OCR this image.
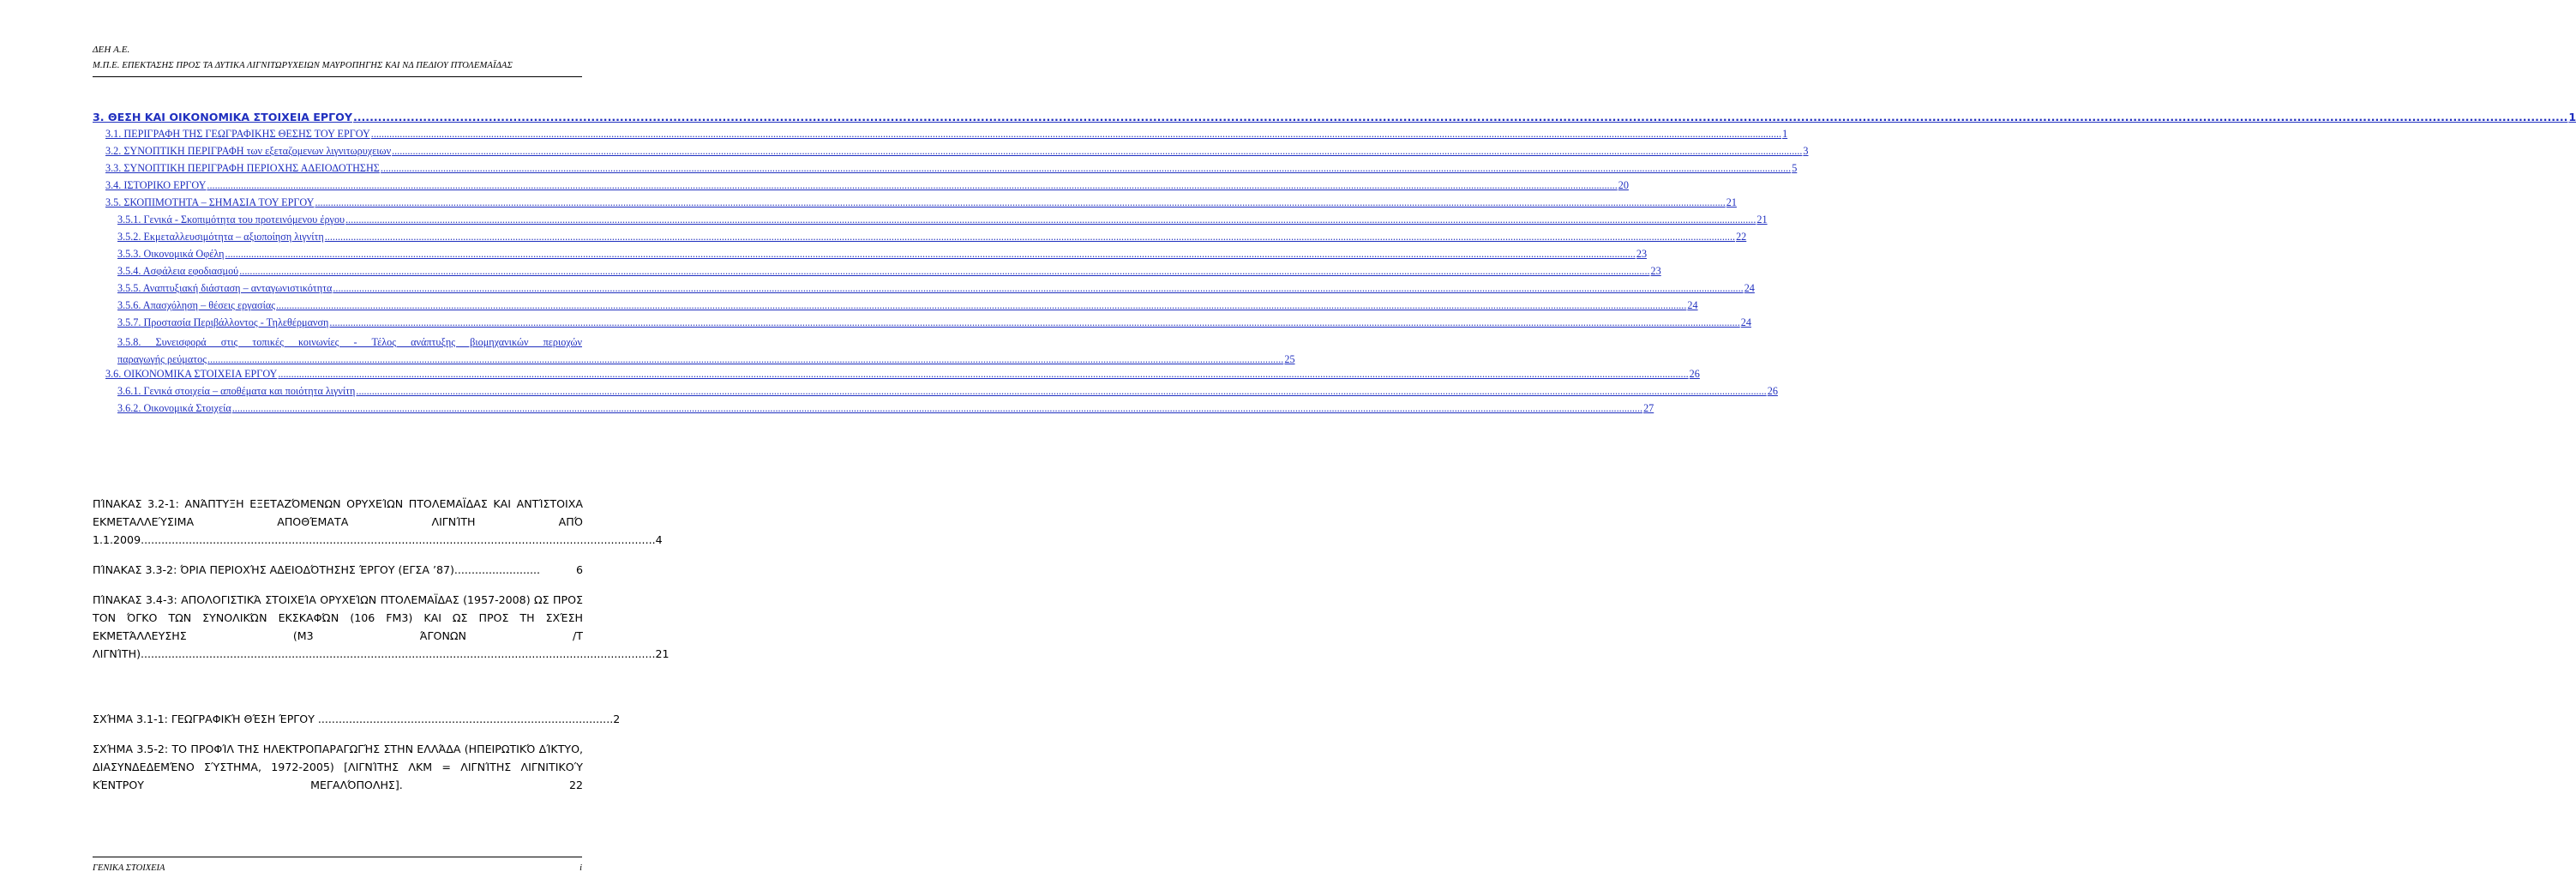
ΔΕΗ Α.Ε.
Μ.Π.Ε. ΕΠΕΚΤΑΣΗΣ ΠΡΟΣ ΤΑ ΔΥΤΙΚΑ ΛΙΓΝΙΤΩΡΥΧΕΙΩΝ ΜΑΥΡΟΠΗΓΗΣ ΚΑΙ ΝΔ ΠΕΔΙΟΥ ΠΤΟΛΕΜΑΪΔΑΣ
3. ΘΕΣΗ ΚΑΙ ΟΙΚΟΝΟΜΙΚΑ ΣΤΟΙΧΕΙΑ ΕΡΓΟΥ .....	1
3.1. ΠΕΡΙΓΡΑΦΗ ΤΗΣ ΓΕΩΓΡΑΦΙΚΗΣ ΘΕΣΗΣ ΤΟΥ ΕΡΓΟΥ .....	1
3.2. ΣΥΝΟΠΤΙΚΗ ΠΕΡΙΓΡΑΦΗ των εξεταζομενων λιγνιτωρυχειων .....	3
3.3. ΣΥΝΟΠΤΙΚΗ ΠΕΡΙΓΡΑΦΗ ΠΕΡΙΟΧΗΣ ΑΔΕΙΟΔΟΤΗΣΗΣ .....	5
3.4. ΙΣΤΟΡΙΚΟ ΕΡΓΟΥ .....	20
3.5. ΣΚΟΠΙΜΟΤΗΤΑ – ΣΗΜΑΣΙΑ ΤΟΥ ΕΡΓΟΥ .....	21
3.5.1. Γενικά - Σκοπιμότητα του προτεινόμενου έργου .....	21
3.5.2. Εκμεταλλευσιμότητα – αξιοποίηση λιγνίτη .....	22
3.5.3. Οικονομικά Οφέλη .....	23
3.5.4. Ασφάλεια εφοδιασμού .....	23
3.5.5. Αναπτυξιακή διάσταση – ανταγωνιστικότητα .....	24
3.5.6. Απασχόληση – θέσεις εργασίας .....	24
3.5.7. Προστασία Περιβάλλοντος - Τηλεθέρμανση .....	24
3.5.8. Συνεισφορά στις τοπικές κοινωνίες - Τέλος ανάπτυξης βιομηχανικών περιοχών
παραγωγής ρεύματος .....	25
3.6. ΟΙΚΟΝΟΜΙΚΑ ΣΤΟΙΧΕΙΑ ΕΡΓΟΥ .....	26
3.6.1. Γενικά στοιχεία – αποθέματα και ποιότητα λιγνίτη .....	26
3.6.2. Οικονομικά Στοιχεία .....	27

ΠΊΝΑΚΑΣ 3.2-1: ΑΝΆΠΤΥΞΗ ΕΞΕΤΑΖΌΜΕΝΩΝ ΟΡΥΧΕΊΩΝ ΠΤΟΛΕΜΑΪΔΑΣ ΚΑΙ ΑΝΤΊΣΤΟΙΧΑ ΕΚΜΕΤΑΛΛΕΎΣΙΜΑ ΑΠΟΘΈΜΑΤΑ ΛΙΓΝΊΤΗ ΑΠΌ

1.1.2009 ...................................................................................................................................................... 4

ΠΊΝΑΚΑΣ 3.3-2: ΌΡΙΑ ΠΕΡΙΟΧΉΣ ΑΔΕΙΟΔΌΤΗΣΗΣ ΈΡΓΟΥ (ΕΓΣΑ ’87) .........................	6

ΠΊΝΑΚΑΣ 3.4-3: ΑΠΟΛΟΓΙΣΤΙΚΆ ΣΤΟΙΧΕΊΑ ΟΡΥΧΕΊΩΝ ΠΤΟΛΕΜΑΪΔΑΣ (1957-2008) ΩΣ ΠΡΟΣ ΤΟΝ ΌΓΚΟ ΤΩΝ ΣΥΝΟΛΙΚΏΝ ΕΚΣΚΑΦΏΝ (106 FM3) ΚΑΙ ΩΣ ΠΡΟΣ ΤΗ ΣΧΈΣΗ ΕΚΜΕΤΆΛΛΕΥΣΗΣ (Μ3 ΆΓΟΝΩΝ /Τ

ΛΙΓΝΊΤΗ) ...................................................................................................................................................... 21

ΣΧΉΜΑ 3.1-1: ΓΕΩΓΡΑΦΙΚΉ ΘΈΣΗ ΈΡΓΟΥ ...................................................................................... 2

ΣΧΉΜΑ 3.5-2: ΤΟ ΠΡΟΦΊΛ ΤΗΣ ΗΛΕΚΤΡΟΠΑΡΑΓΩΓΉΣ ΣΤΗΝ ΕΛΛΆΔΑ (ΗΠΕΙΡΩΤΙΚΌ ΔΊΚΤΥΟ, ΔΙΑΣΥΝΔΕΔΕΜΈΝΟ ΣΎΣΤΗΜΑ, 1972-2005) [ΛΙΓΝΊΤΗΣ ΛΚΜ = ΛΙΓΝΊΤΗΣ ΛΙΓΝΙΤΙΚΟΎ ΚΈΝΤΡΟΥ ΜΕΓΑΛΌΠΟΛΗΣ]. 22

ΓΕΝΙΚΑ ΣΤΟΙΧΕΙΑ	i
